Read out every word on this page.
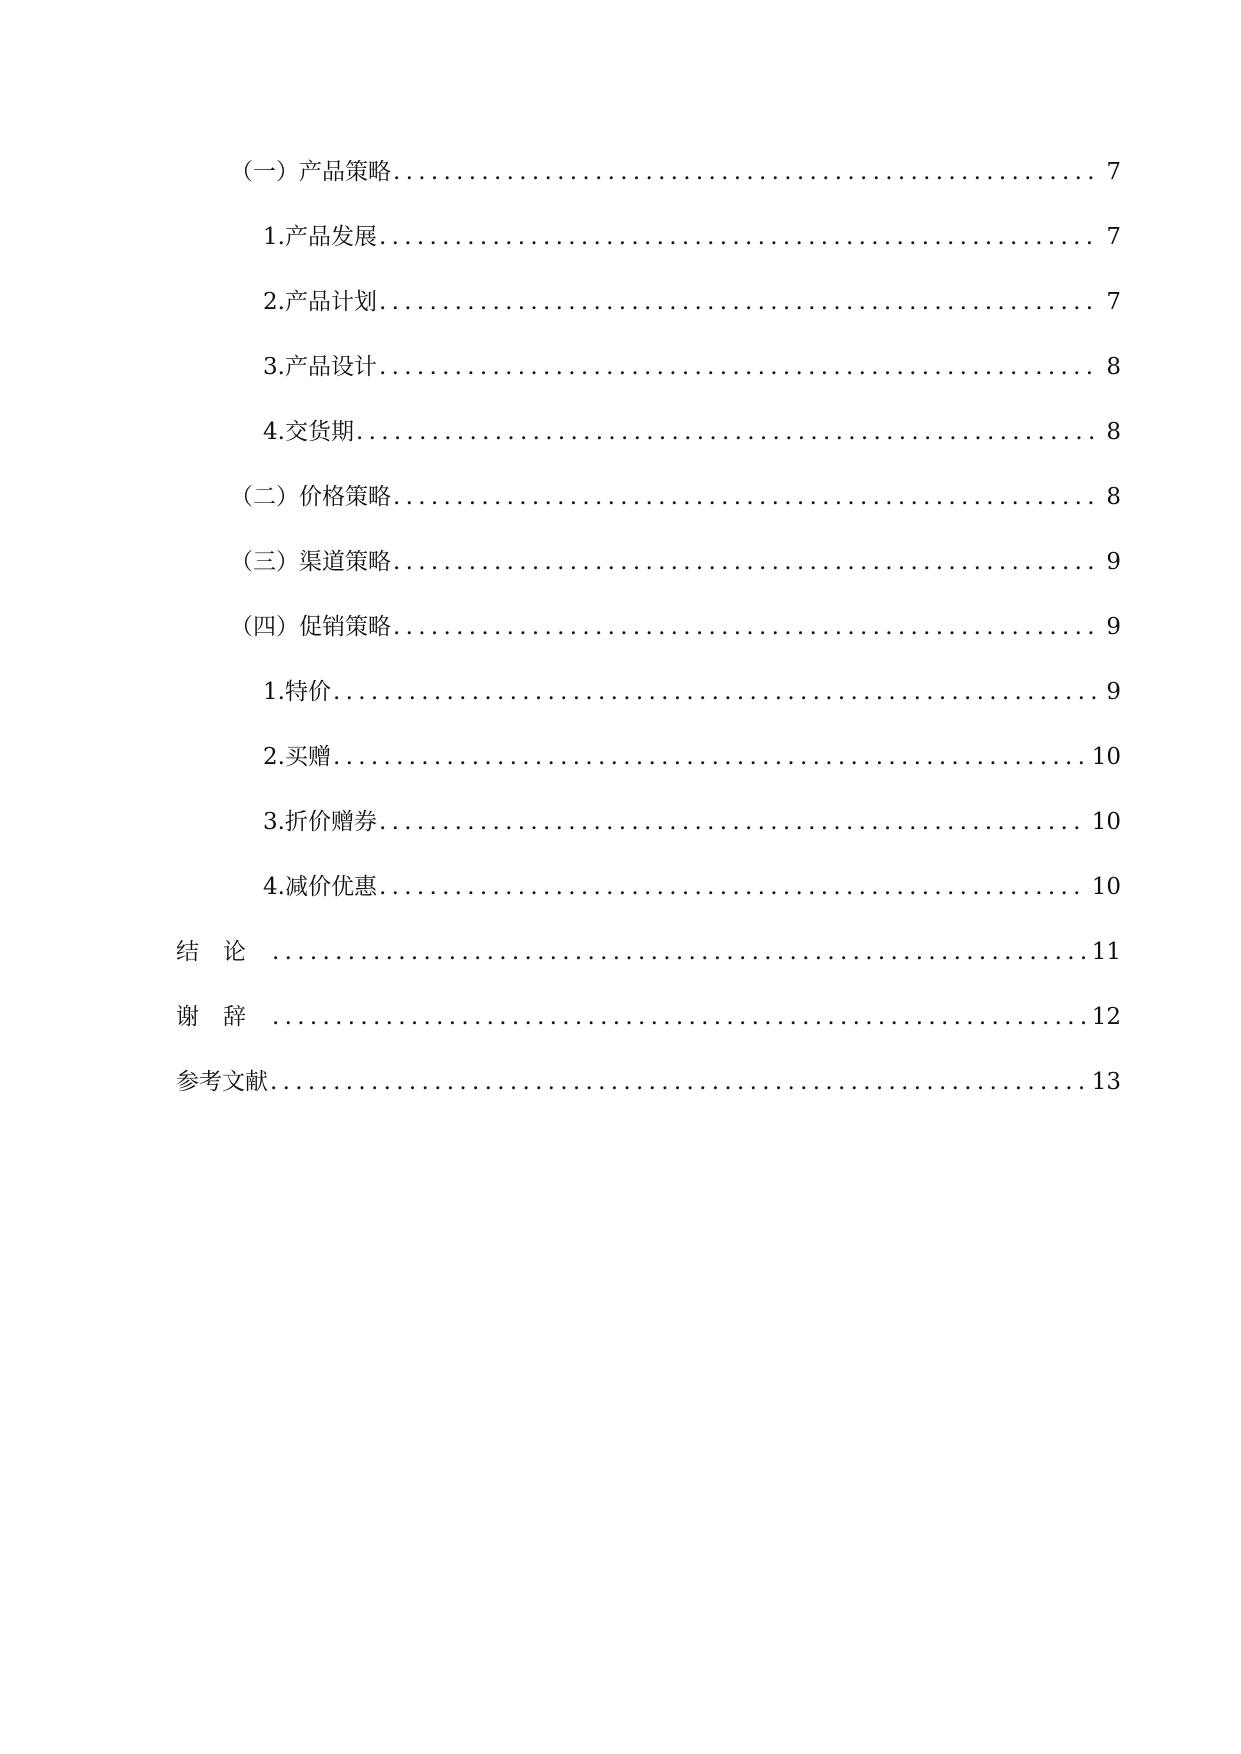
（一）产品策略 . . .	7
1.产品发展 . . .	7
2.产品计划 . . .	7
3.产品设计 . . .	8
4.交货期 . . .	8
（二）价格策略 . . .	8
（三）渠道策略 . . .	9
（四）促销策略 . . .	9
1.特价 . . .	9
2.买赠 . . .	10
3.折价赠券 . . .	10
4.减价优惠 . . .	10
结论 . . .	11
谢辞 . . .	12
参考文献 . . .	13
